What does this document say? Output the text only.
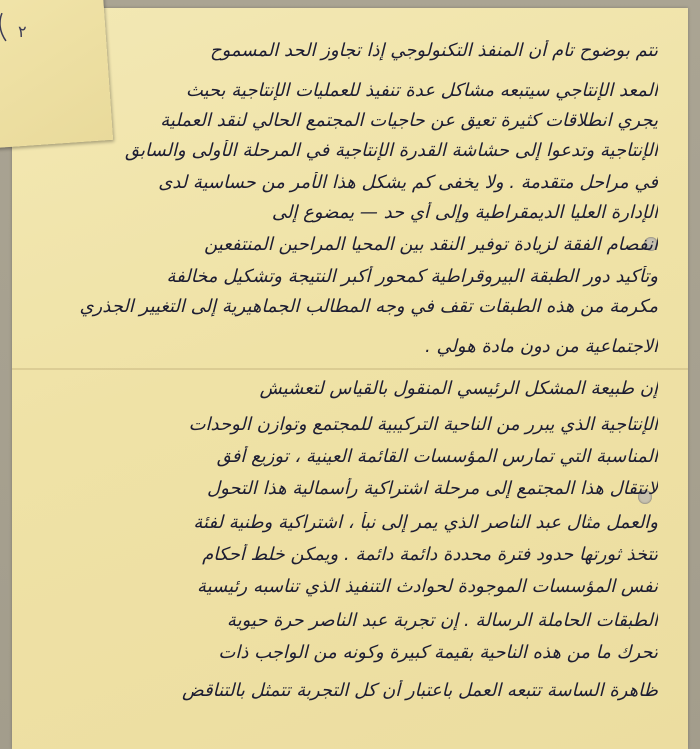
تتم بوضوح تام أن المنفذ التكنولوجي إذا تجاوز الحد المسموح
المعد الإنتاجي سيتبعه مشاكل عدة تنفيذ للعمليات الإنتاجية بحيث
يجري انطلاقات كثيرة تعيق عن حاجيات المجتمع الحالي لنقد العملية
الإنتاجية وتدعوا إلى حشاشة القدرة الإنتاجية في المرحلة الأولى والسابق
في مراحل متقدمة . ولا يخفى كم يشكل هذا الأمر من حساسية لدى
الإدارة العليا الديمقراطية وإلى أي حد — يمضوع إلى
انفصام الفقة لزيادة توفير النقد بين المحيا المراحين المنتفعين
وتأكيد دور الطبقة البيروقراطية كمحور أكبر النتيجة وتشكيل مخالفة
مكرمة من هذه الطبقات تقف في وجه المطالب الجماهيرية إلى التغيير الجذري
الاجتماعية من دون مادة هولي .
إن طبيعة المشكل الرئيسي المنقول بالقياس لتعشيش
الإنتاجية الذي يبرر من الناحية التركيبية للمجتمع وتوازن الوحدات
المناسبة التي تمارس المؤسسات القائمة العينية ، توزيع أفق
لانتقال هذا المجتمع إلى مرحلة اشتراكية رأسمالية هذا التحول
والعمل مثال عبد الناصر الذي يمر إلى نبأ ، اشتراكية وطنية لفئة
تتخذ ثورتها حدود فترة محددة دائمة دائمة . ويمكن خلط أحكام
نفس المؤسسات الموجودة لحوادث التنفيذ الذي تناسبه رئيسية
الطبقات الحاملة الرسالة . إن تجربة عبد الناصر حرة حيوية
تحرك ما من هذه الناحية بقيمة كبيرة وكونه من الواجب ذات
ظاهرة الساسة تتبعه العمل باعتبار أن كل التجربة تتمثل بالتناقض
٢
